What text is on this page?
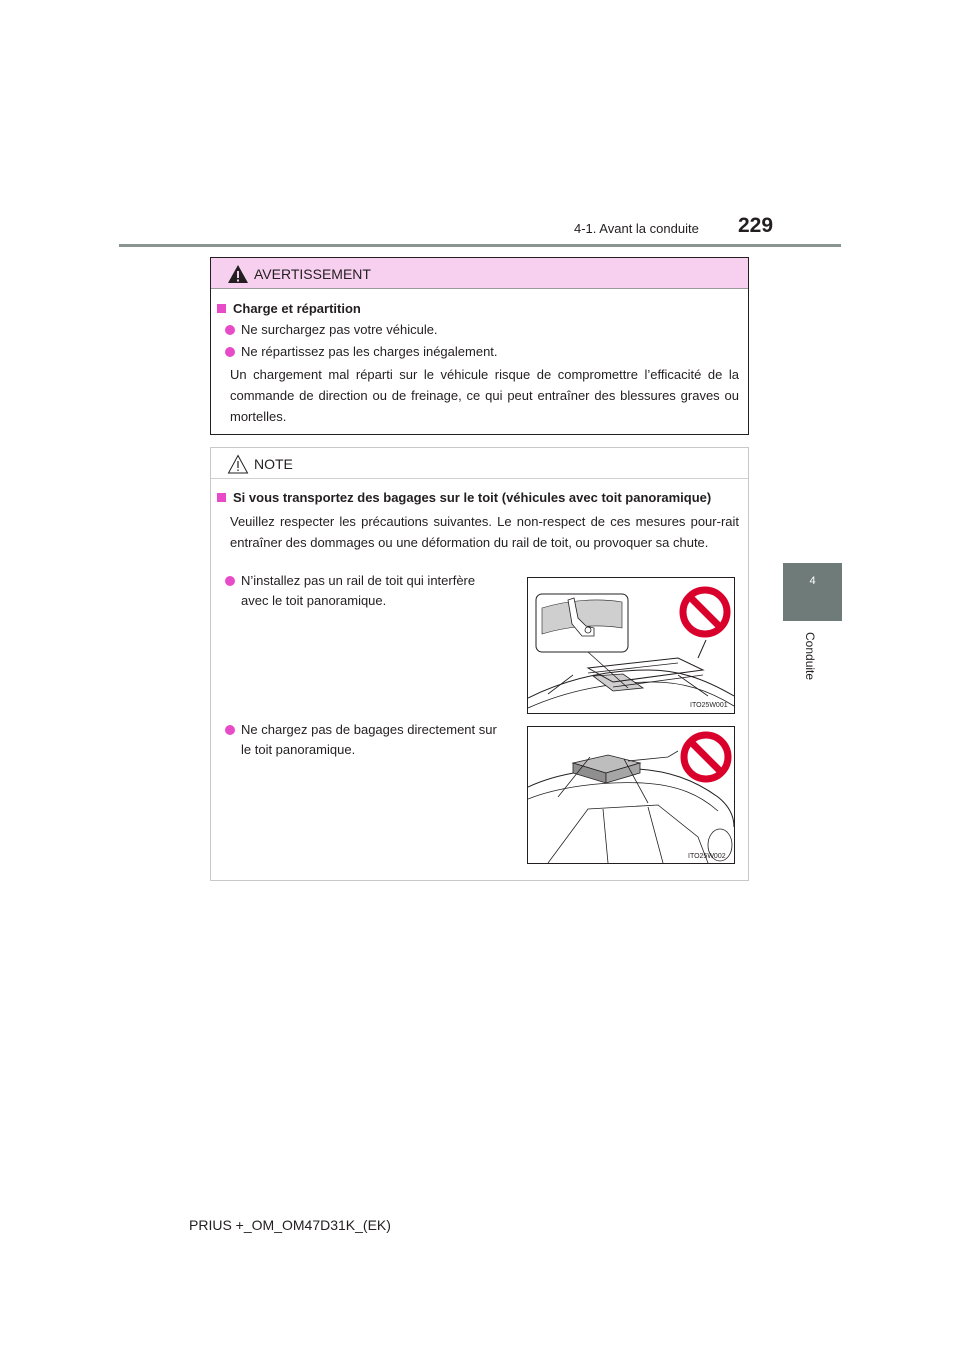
4-1. Avant la conduite 229
4
Conduite
AVERTISSEMENT
Charge et répartition
Ne surchargez pas votre véhicule.
Ne répartissez pas les charges inégalement.
Un chargement mal réparti sur le véhicule risque de compromettre l’efficacité de la commande de direction ou de freinage, ce qui peut entraîner des blessures graves ou mortelles.
NOTE
Si vous transportez des bagages sur le toit (véhicules avec toit panoramique)
Veuillez respecter les précautions suivantes. Le non-respect de ces mesures pour-rait entraîner des dommages ou une déformation du rail de toit, ou provoquer sa chute.
N’installez pas un rail de toit qui interfère
avec le toit panoramique.
ITO25W001
Ne chargez pas de bagages directement sur
le toit panoramique.
ITO25W002
PRIUS +_OM_OM47D31K_(EK)
